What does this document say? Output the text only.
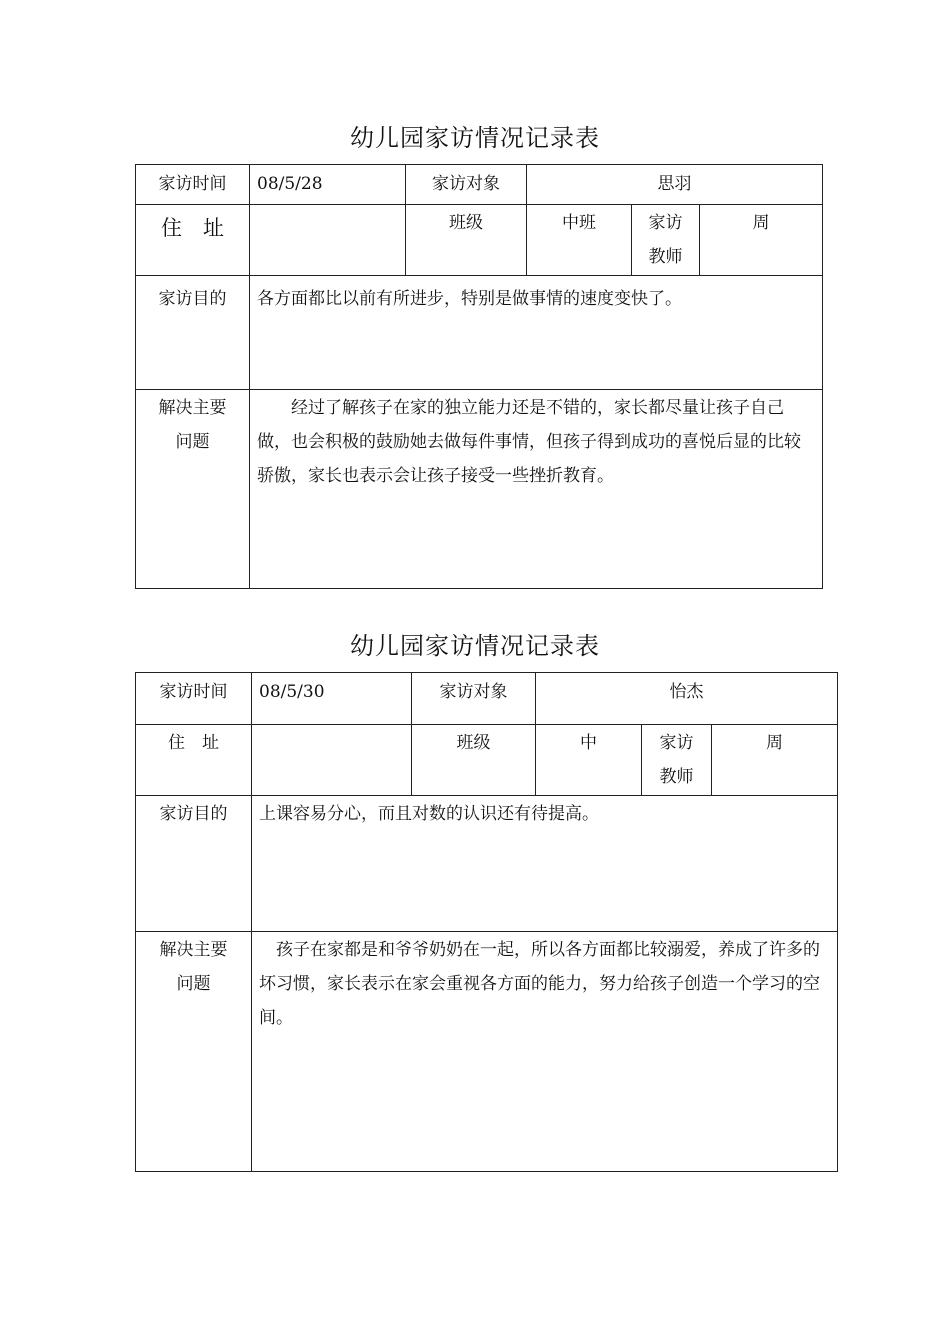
幼儿园家访情况记录表
家访时间	08/5/28	家访对象	思羽		
住　址		班级	中班	家访教师	周
家访目的	各方面都比以前有所进步，特别是做事情的速度变快了。				
解决主要问题	经过了解孩子在家的独立能力还是不错的，家长都尽量让孩子自己做，也会积极的鼓励她去做每件事情，但孩子得到成功的喜悦后显的比较骄傲，家长也表示会让孩子接受一些挫折教育。				
幼儿园家访情况记录表
家访时间	08/5/30	家访对象	怡杰		
住　址		班级	中	家访教师	周
家访目的	上课容易分心，而且对数的认识还有待提高。				
解决主要问题	孩子在家都是和爷爷奶奶在一起，所以各方面都比较溺爱，养成了许多的坏习惯，家长表示在家会重视各方面的能力，努力给孩子创造一个学习的空间。				
